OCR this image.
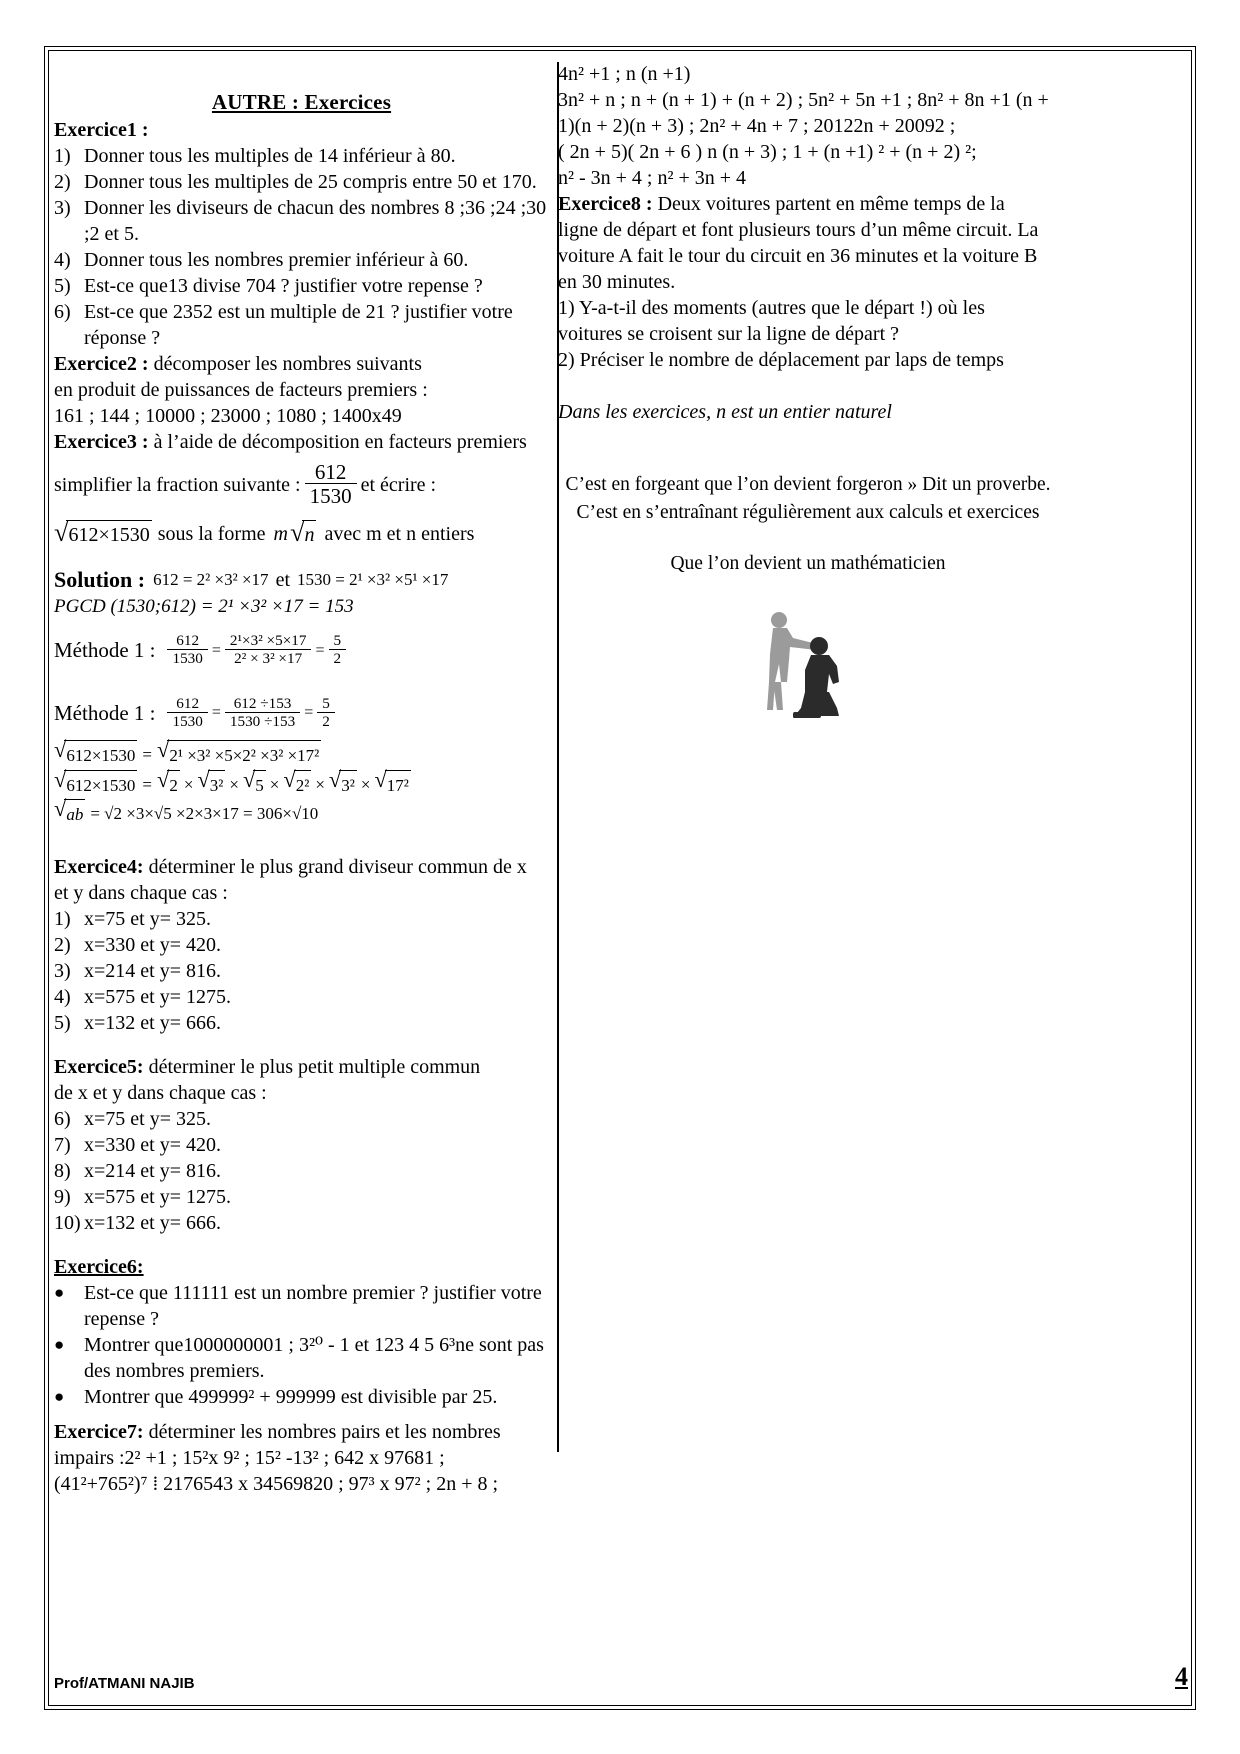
AUTRE : Exercices

Exercice1 :

1) Donner tous les multiples de 14 inférieur à 80.
2) Donner tous les multiples de 25 compris entre 50 et 170.
3) Donner les diviseurs de chacun des nombres 8 ;36 ;24 ;30 ;2 et 5.
4) Donner tous les nombres premier inférieur à 60.
5) Est-ce que13 divise 704 ? justifier votre repense ?
6) Est-ce que 2352 est un multiple de 21 ? justifier votre réponse ?

Exercice2 : décomposer les nombres suivants

en produit de puissances de facteurs premiers :

161 ; 144 ; 10000 ; 23000 ; 1080 ; 1400x49

Exercice3 : à l’aide de décomposition en facteurs premiers

simplifier la fraction suivante : $\frac{612}{1530}$ et écrire :
√ 612×1530 sous la forme m √ n avec m et n entiers
Solution : 612 = 2² ×3² ×17 et 1530 = 2¹ ×3² ×5¹ ×17

PGCD (1530;612) = 2¹ ×3² ×17 = 153

Méthode 1 : $\frac{612}{1530} = \frac{\text{2¹×3² ×5×17}}{\text{2² × 3² ×17}} = \frac{5}{2}$
Méthode 1 : $\frac{612}{1530} = \frac{612 \div 153}{1530 \div 153} = \frac{5}{2}$
√ 612×1530 = √ 2¹ ×3² ×5×2² ×3² ×17²
√ 612×1530 = √ 2 × √ 3² × √ 5 × √ 2² × √ 3² × √ 17²
√ ab = √2 ×3×√5 ×2×3×17 = 306×√10

Exercice4: déterminer le plus grand diviseur commun de x

et y dans chaque cas :

1) x=75 et y= 325.
2) x=330 et y= 420.
3) x=214 et y= 816.
4) x=575 et y= 1275.
5) x=132 et y= 666.

Exercice5: déterminer le plus petit multiple commun

de x et y dans chaque cas :

6) x=75 et y= 325.
7) x=330 et y= 420.
8) x=214 et y= 816.
9) x=575 et y= 1275.
10) x=132 et y= 666.

Exercice6:

● Est-ce que 111111 est un nombre premier ? justifier votre repense ?
● Montrer que1000000001 ; 3²⁰ - 1 et 123 4 5 6³ne sont pas des nombres premiers.
● Montrer que 499999² + 999999 est divisible par 25.

Exercice7: déterminer les nombres pairs et les nombres

impairs :2² +1 ; 15²x 9² ; 15² -13² ; 642 x 97681 ;

(41²+765²)⁷ ⁞ 2176543 x 34569820 ; 97³ x 97² ; 2n + 8 ;

4n² +1 ; n (n +1)

3n² + n ; n + (n + 1) + (n + 2) ; 5n² + 5n +1 ; 8n² + 8n +1 (n + 1)(n + 2)(n + 3) ; 2n² + 4n + 7 ; 20122n + 20092 ;

( 2n + 5)( 2n + 6 ) n (n + 3) ; 1 + (n +1) ² + (n + 2) ²;

n² - 3n + 4 ; n² + 3n + 4

Exercice8 : Deux voitures partent en même temps de la

ligne de départ et font plusieurs tours d’un même circuit. La

voiture A fait le tour du circuit en 36 minutes et la voiture B

en 30 minutes.

1) Y-a-t-il des moments (autres que le départ !) où les

voitures se croisent sur la ligne de départ ?

2) Préciser le nombre de déplacement par laps de temps

Dans les exercices, n est un entier naturel

C’est en forgeant que l’on devient forgeron » Dit un proverbe.
C’est en s’entraînant régulièrement aux calculs et exercices
Que l’on devient un mathématicien
Prof/ATMANI NAJIB	4
